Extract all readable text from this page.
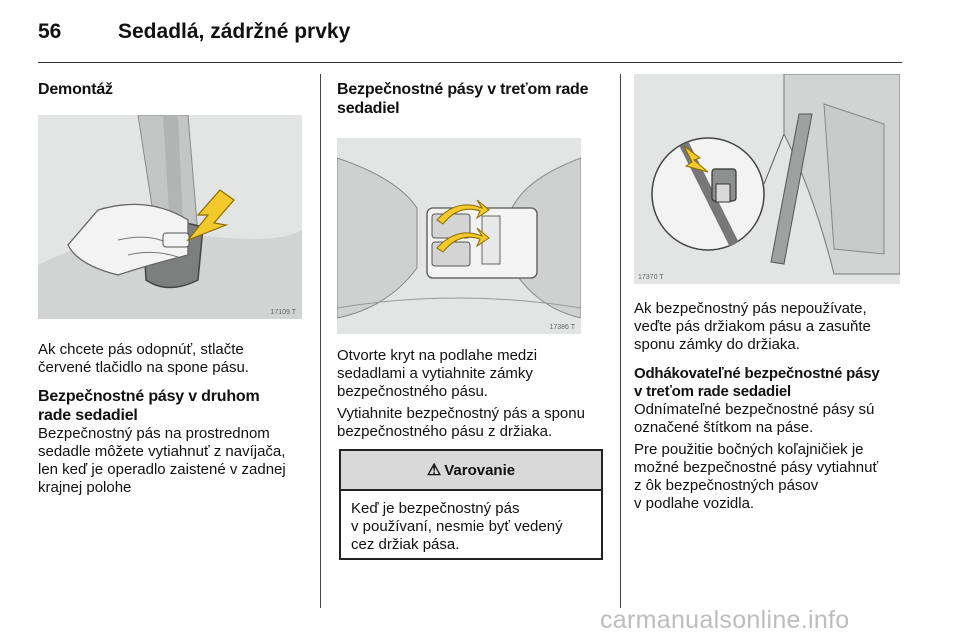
56	Sedadlá, zádržné prvky

Demontáž

17109 T

Ak chcete pás odopnúť, stlačte

červené tlačidlo na spone pásu.

Bezpečnostné pásy v druhom

rade sedadiel

Bezpečnostný pás na prostrednom

sedadle môžete vytiahnuť z navíjača,

len keď je operadlo zaistené v zadnej

krajnej polohe

Bezpečnostné pásy v treťom rade

sedadiel

17386 T

Otvorte kryt na podlahe medzi

sedadlami a vytiahnite zámky

bezpečnostného pásu.

Vytiahnite bezpečnostný pás a sponu

bezpečnostného pásu z držiaka.

⚠ Varovanie
Keď je bezpečnostný pás
v používaní, nesmie byť vedený
cez držiak pása.
17370 T

Ak bezpečnostný pás nepoužívate,

veďte pás držiakom pásu a zasuňte

sponu zámky do držiaka.

Odhákovateľné bezpečnostné pásy

v treťom rade sedadiel

Odnímateľné bezpečnostné pásy sú

označené štítkom na páse.

Pre použitie bočných koľajničiek je

možné bezpečnostné pásy vytiahnuť

z ôk bezpečnostných pásov

v podlahe vozidla.

carmanualsonline.info
